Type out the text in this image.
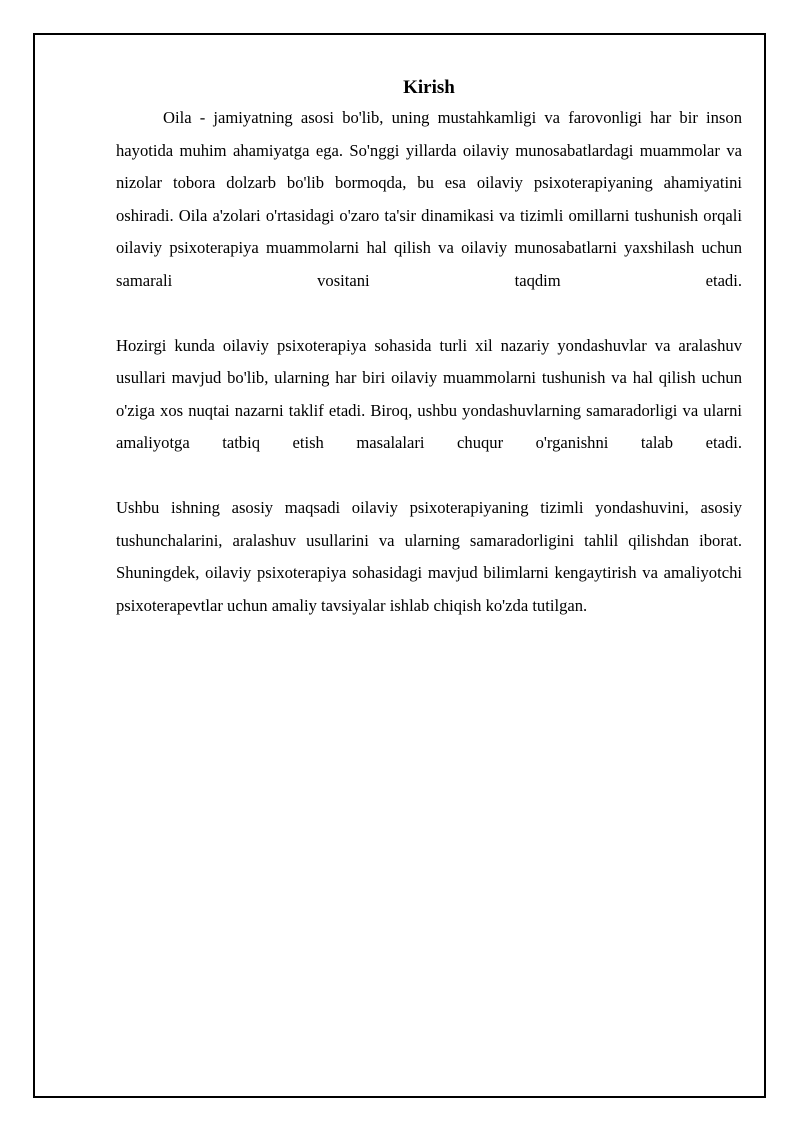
Kirish

Oila - jamiyatning asosi bo'lib, uning mustahkamligi va farovonligi har bir inson hayotida muhim ahamiyatga ega. So'nggi yillarda oilaviy munosabatlardagi muammolar va nizolar tobora dolzarb bo'lib bormoqda, bu esa oilaviy psixoterapiyaning ahamiyatini oshiradi. Oila a'zolari o'rtasidagi o'zaro ta'sir dinamikasi va tizimli omillarni tushunish orqali oilaviy psixoterapiya muammolarni hal qilish va oilaviy munosabatlarni yaxshilash uchun samarali vositani taqdim etadi.

Hozirgi kunda oilaviy psixoterapiya sohasida turli xil nazariy yondashuvlar va aralashuv usullari mavjud bo'lib, ularning har biri oilaviy muammolarni tushunish va hal qilish uchun o'ziga xos nuqtai nazarni taklif etadi. Biroq, ushbu yondashuvlarning samaradorligi va ularni amaliyotga tatbiq etish masalalari chuqur o'rganishni talab etadi.

Ushbu ishning asosiy maqsadi oilaviy psixoterapiyaning tizimli yondashuvini, asosiy tushunchalarini, aralashuv usullarini va ularning samaradorligini tahlil qilishdan iborat. Shuningdek, oilaviy psixoterapiya sohasidagi mavjud bilimlarni kengaytirish va amaliyotchi psixoterapevtlar uchun amaliy tavsiyalar ishlab chiqish ko'zda tutilgan.
